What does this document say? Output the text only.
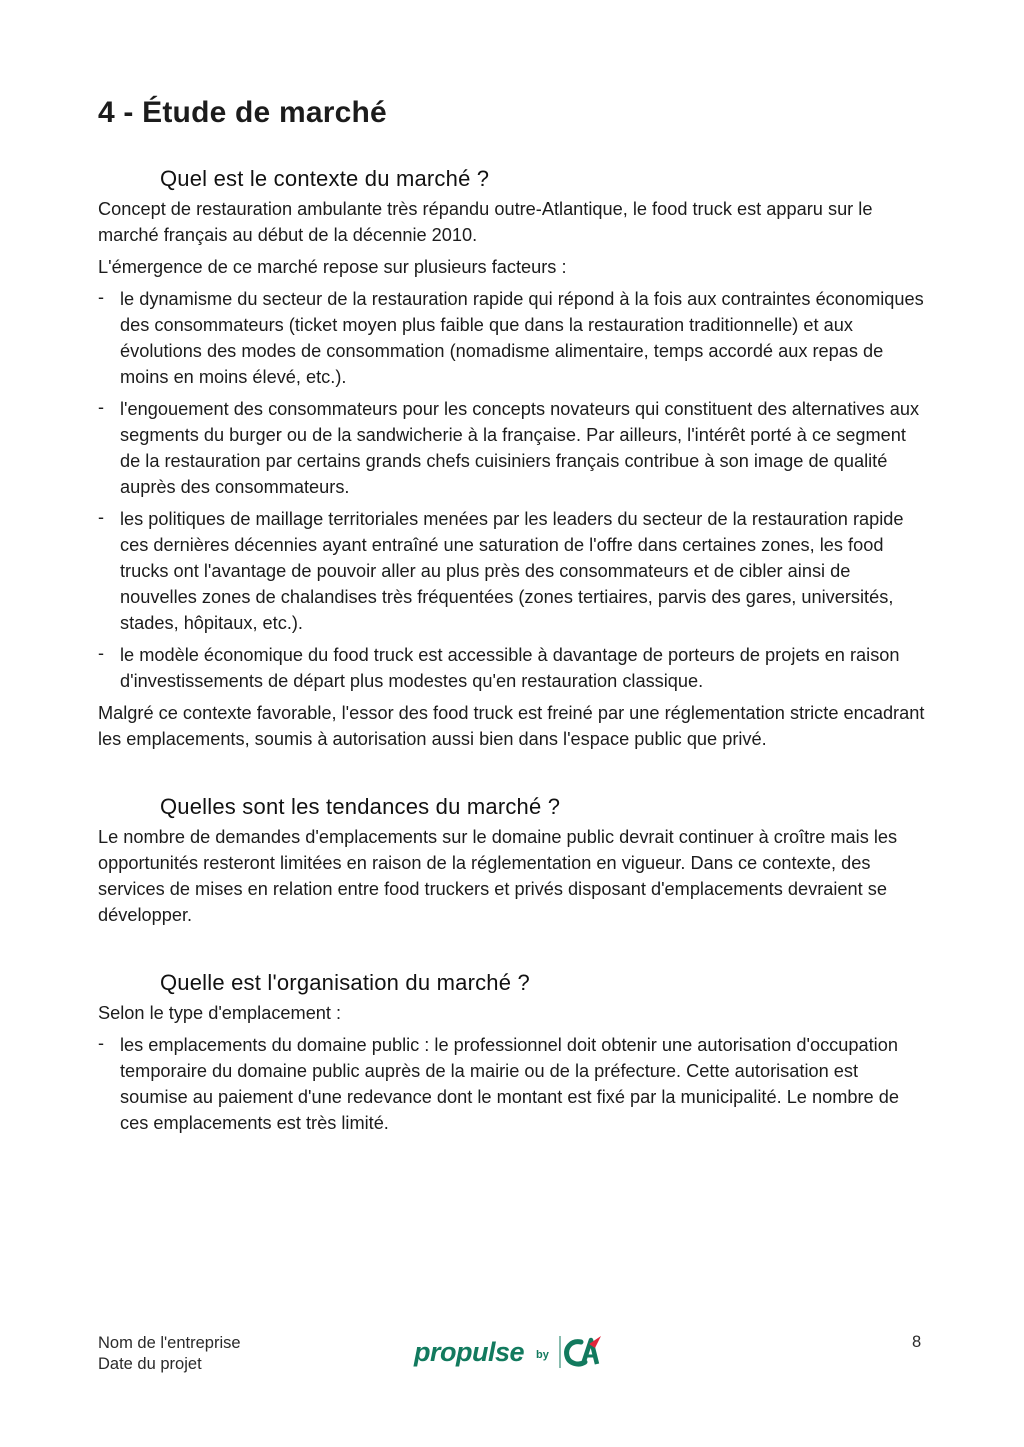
4 - Étude de marché
Quel est le contexte du marché ?

Concept de restauration ambulante très répandu outre-Atlantique, le food truck est apparu sur le marché français au début de la décennie 2010.

L'émergence de ce marché repose sur plusieurs facteurs :

- le dynamisme du secteur de la restauration rapide qui répond à la fois aux contraintes économiques des consommateurs (ticket moyen plus faible que dans la restauration traditionnelle) et aux évolutions des modes de consommation (nomadisme alimentaire, temps accordé aux repas de moins en moins élevé, etc.).
- l'engouement des consommateurs pour les concepts novateurs qui constituent des alternatives aux segments du burger ou de la sandwicherie à la française. Par ailleurs, l'intérêt porté à ce segment de la restauration par certains grands chefs cuisiniers français contribue à son image de qualité auprès des consommateurs.
- les politiques de maillage territoriales menées par les leaders du secteur de la restauration rapide ces dernières décennies ayant entraîné une saturation de l'offre dans certaines zones, les food trucks ont l'avantage de pouvoir aller au plus près des consommateurs et de cibler ainsi de nouvelles zones de chalandises très fréquentées (zones tertiaires, parvis des gares, universités, stades, hôpitaux, etc.).
- le modèle économique du food truck est accessible à davantage de porteurs de projets en raison d'investissements de départ plus modestes qu'en restauration classique.

Malgré ce contexte favorable, l'essor des food truck est freiné par une réglementation stricte encadrant les emplacements, soumis à autorisation aussi bien dans l'espace public que privé.

Quelles sont les tendances du marché ?

Le nombre de demandes d'emplacements sur le domaine public devrait continuer à croître mais les opportunités resteront limitées en raison de la réglementation en vigueur. Dans ce contexte, des services de mises en relation entre food truckers et privés disposant d'emplacements devraient se développer.

Quelle est l'organisation du marché ?

Selon le type d'emplacement :

- les emplacements du domaine public : le professionnel doit obtenir une autorisation d'occupation temporaire du domaine public auprès de la mairie ou de la préfecture. Cette autorisation est soumise au paiement d'une redevance dont le montant est fixé par la municipalité. Le nombre de ces emplacements est très limité.
Nom de l'entreprise
Date du projet	propulse by
8
